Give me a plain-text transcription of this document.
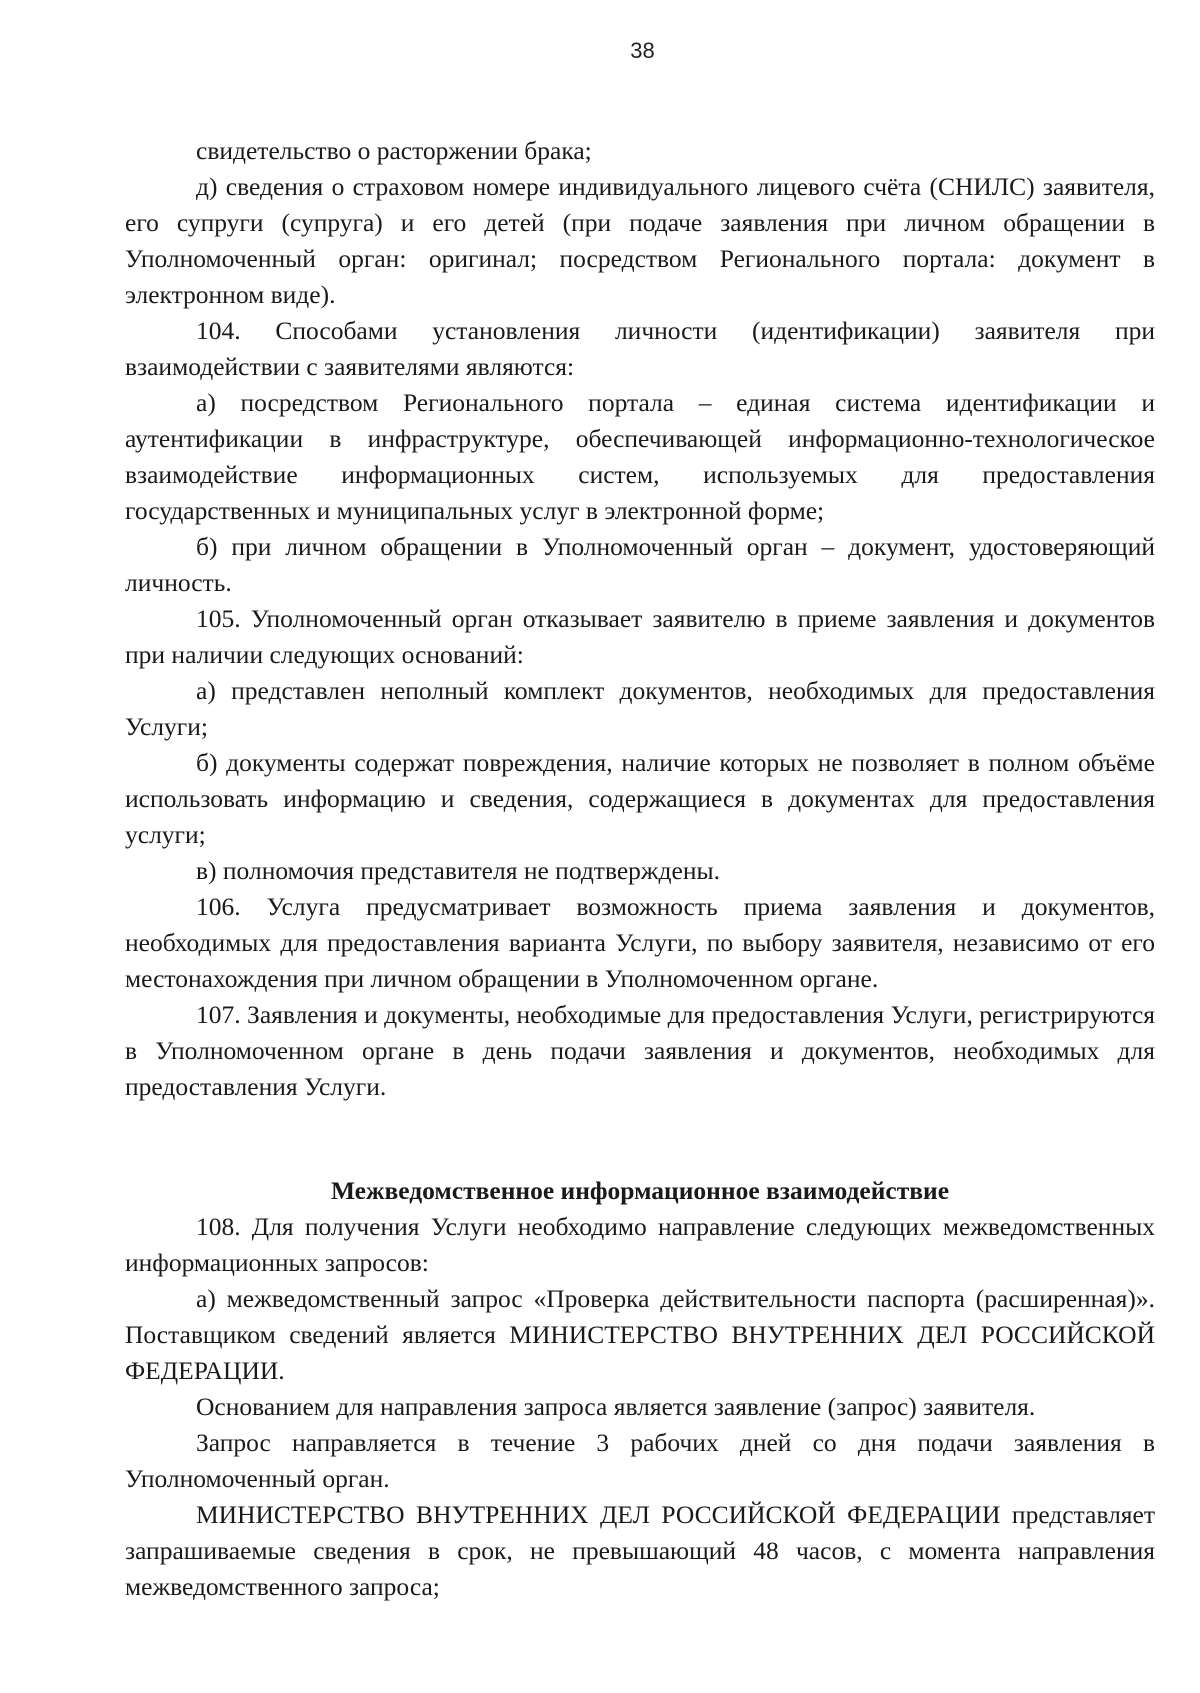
38

свидетельство о расторжении брака;

д) сведения о страховом номере индивидуального лицевого счёта (СНИЛС) заявителя, его супруги (супруга) и его детей (при подаче заявления при личном обращении в Уполномоченный орган: оригинал; посредством Регионального портала: документ в электронном виде).

104. Способами установления личности (идентификации) заявителя при взаимодействии с заявителями являются:

а) посредством Регионального портала – единая система идентификации и аутентификации в инфраструктуре, обеспечивающей информационно-технологическое взаимодействие информационных систем, используемых для предоставления государственных и муниципальных услуг в электронной форме;

б) при личном обращении в Уполномоченный орган – документ, удостоверяющий личность.

105. Уполномоченный орган отказывает заявителю в приеме заявления и документов при наличии следующих оснований:

а) представлен неполный комплект документов, необходимых для предоставления Услуги;

б) документы содержат повреждения, наличие которых не позволяет в полном объёме использовать информацию и сведения, содержащиеся в документах для предоставления услуги;

в) полномочия представителя не подтверждены.

106. Услуга предусматривает возможность приема заявления и документов, необходимых для предоставления варианта Услуги, по выбору заявителя, независимо от его местонахождения при личном обращении в Уполномоченном органе.

107. Заявления и документы, необходимые для предоставления Услуги, регистрируются в Уполномоченном органе в день подачи заявления и документов, необходимых для предоставления Услуги.

Межведомственное информационное взаимодействие

108. Для получения Услуги необходимо направление следующих межведомственных информационных запросов:

а) межведомственный запрос «Проверка действительности паспорта (расширенная)». Поставщиком сведений является МИНИСТЕРСТВО ВНУТРЕННИХ ДЕЛ РОССИЙСКОЙ ФЕДЕРАЦИИ.

Основанием для направления запроса является заявление (запрос) заявителя.

Запрос направляется в течение 3 рабочих дней со дня подачи заявления в Уполномоченный орган.

МИНИСТЕРСТВО ВНУТРЕННИХ ДЕЛ РОССИЙСКОЙ ФЕДЕРАЦИИ представляет запрашиваемые сведения в срок, не превышающий 48 часов, с момента направления межведомственного запроса;
